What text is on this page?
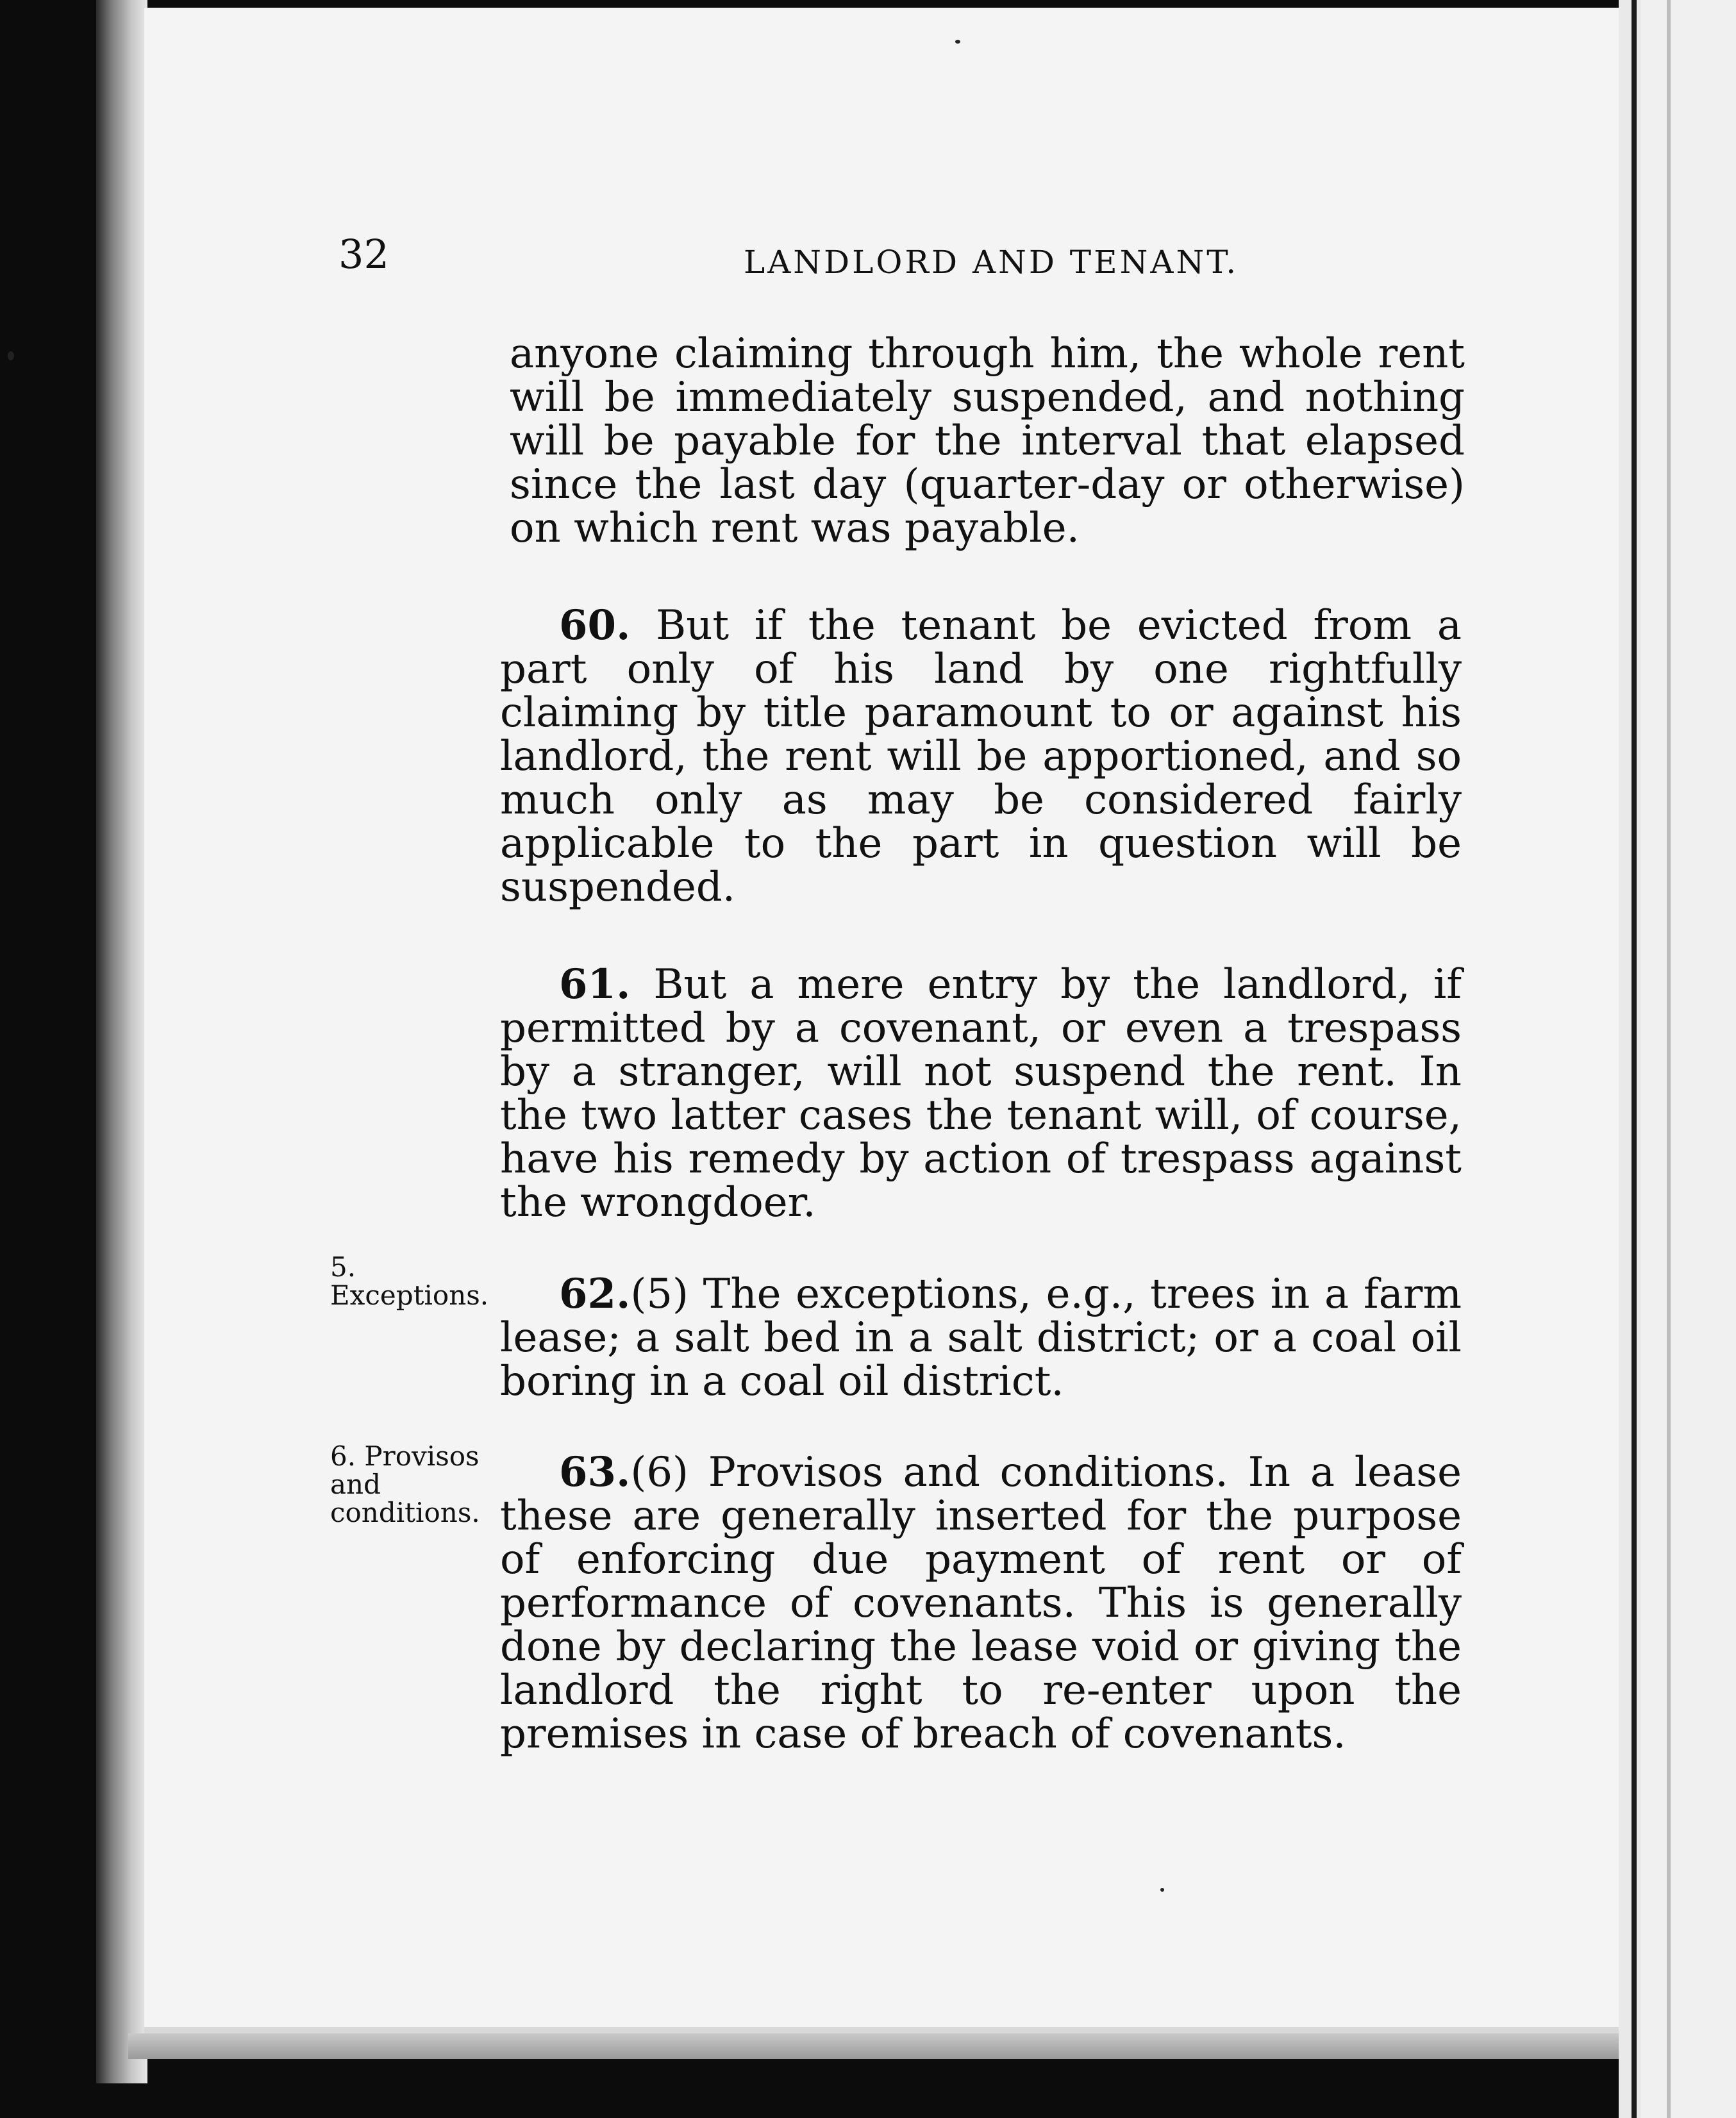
32	LANDLORD AND TENANT.
anyone claiming through him, the whole rent will be immediately suspended, and nothing will be payable for the interval that elapsed since the last day (quarter-day or otherwise) on which rent was payable.
60. But if the tenant be evicted from a part only of his land by one rightfully claiming by title paramount to or against his landlord, the rent will be apportioned, and so much only as may be considered fairly applicable to the part in question will be suspended.
61. But a mere entry by the landlord, if permitted by a covenant, or even a trespass by a stranger, will not suspend the rent. In the two latter cases the tenant will, of course, have his remedy by action of trespass against the wrongdoer.
62.(5) The exceptions, e.g., trees in a farm lease; a salt bed in a salt district; or a coal oil boring in a coal oil district.
63.(6) Provisos and conditions. In a lease these are generally inserted for the purpose of enforcing due payment of rent or of performance of covenants. This is generally done by declaring the lease void or giving the landlord the right to re-enter upon the premises in case of breach of covenants.
5. Exceptions.
6. Provisos and conditions.
